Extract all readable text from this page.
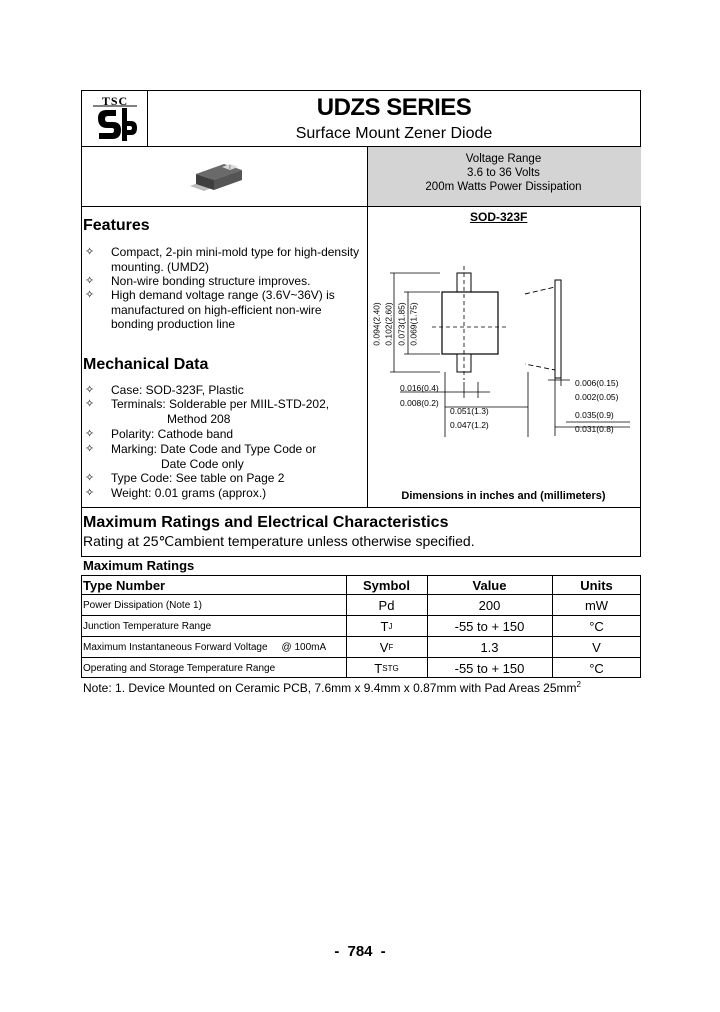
TSC	UDZS SERIES
Surface Mount Zener Diode
Voltage Range
3.6 to 36 Volts
200m Watts Power Dissipation
I
Features
✧ Compact, 2-pin mini-mold type for high-density
mounting. (UMD2)
✧ Non-wire bonding structure improves.
✧ High demand voltage range (3.6V~36V) is
manufactured on high-efficient non-wire
bonding production line
Mechanical Data
✧ Case: SOD-323F, Plastic
✧ Terminals: Solderable per MIIL-STD-202,
Method 208
✧ Polarity: Cathode band
✧ Marking: Date Code and Type Code or
Date Code only
✧ Type Code: See table on Page 2
✧ Weight: 0.01 grams (approx.)
SOD-323F
0.094(2.40) 0.102(2.60) 0.073(1.85) 0.069(1.75)
0.016(0.4)
0.008(0.2)
0.051(1.3)
0.047(1.2)
0.006(0.15)
0.002(0.05)
0.035(0.9)
0.031(0.8)
Dimensions in inches and (millimeters)
Maximum Ratings and Electrical Characteristics
Rating at 25℃ambient temperature unless otherwise specified.
Maximum Ratings
Type Number	Symbol	Value	Units
Power Dissipation (Note 1)	Pd	200	mW
Junction Temperature Range	T J	-55 to + 150	°C
Maximum Instantaneous Forward Voltage @ 100mA	V F	1.3	V
Operating and Storage Temperature Range	T STG	-55 to + 150	°C
Note: 1. Device Mounted on Ceramic PCB, 7.6mm x 9.4mm x 0.87mm with Pad Areas $25mm^2$
- 784 -
